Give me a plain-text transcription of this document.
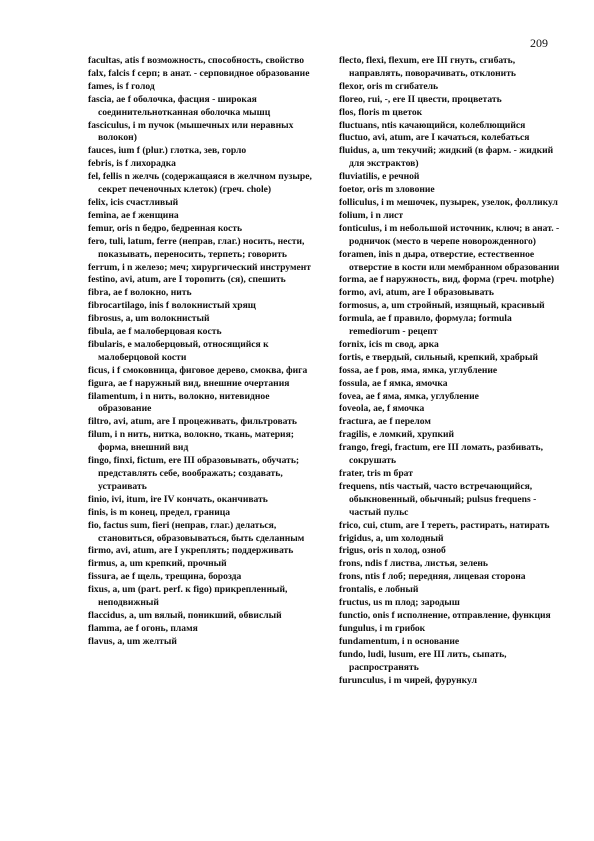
209

facultas, atis f возможность, способность, свойство

falx, falcis f серп; в анат. - серповидное образование

fames, is f голод

fascia, ae f оболочка, фасция - широкая соединительнотканная оболочка мышц

fasciculus, i m пучок (мышечных или неравных волокон)

fauces, ium f (plur.) глотка, зев, горло

febris, is f лихорадка

fel, fellis n желчь (содержащаяся в желчном пузыре, секрет печеночных клеток) (греч. chole)

felix, icis счастливый

femina, ae f женщина

femur, oris n бедро, бедренная кость

fero, tuli, latum, ferre (неправ, глаг.) носить, нести, показывать, переносить, терпеть; говорить

ferrum, i n железо; меч; хирургический инструмент

festino, avi, atum, are I торопить (ся), спешить

fibra, ae f волокно, нить

fibrocartilago, inis f волокнистый хрящ

fibrosus, a, um волокнистый

fibula, ae f малоберцовая кость

fibularis, e малоберцовый, относящийся к малоберцовой кости

ficus, i f смоковница, фиговое дерево, смоква, фига

figura, ae f наружный вид, внешние очертания

filamentum, i n нить, волокно, нитевидное образование

filtro, avi, atum, are I процеживать, фильтровать

filum, i n нить, нитка, волокно, ткань, материя; форма, внешний вид

fingo, finxi, fictum, ere III образовывать, обучать; представлять себе, воображать; создавать, устраивать

finio, ivi, itum, ire IV кончать, оканчивать

finis, is m конец, предел, граница

fio, factus sum, fieri (неправ, глаг.) делаться, становиться, образовываться, быть сделанным

firmo, avi, atum, are I укреплять; поддерживать

firmus, a, um крепкий, прочный

fissura, ae f щель, трещина, борозда

fixus, a, um (part. perf. к figo) прикрепленный, неподвижный

flaccidus, a, um вялый, поникший, обвислый

flamma, ae f огонь, пламя

flavus, a, um желтый

flecto, flexi, flexum, ere III гнуть, сгибать, направлять, поворачивать, отклонить

flexor, oris m сгибатель

floreo, rui, -, ere II цвести, процветать

flos, floris m цветок

fluctuans, ntis качающийся, колеблющийся

fluctuo, avi, atum, are I качаться, колебаться

fluidus, a, um текучий; жидкий (в фарм. - жидкий для экстрактов)

fluviatilis, e речной

foetor, oris m зловоние

folliculus, i m мешочек, пузырек, узелок, фолликул

folium, i n лист

fonticulus, i m небольшой источник, ключ; в анат. - родничок (место в черепе новорожденного)

foramen, inis n дыра, отверстие, естественное отверстие в кости или мембранном образовании

forma, ae f наружность, вид, форма (греч. motphe)

formo, avi, atum, are I образовывать

formosus, a, um стройный, изящный, красивый

formula, ae f правило, формула; formula remediorum - рецепт

fornix, icis m свод, арка

fortis, e твердый, сильный, крепкий, храбрый

fossa, ae f ров, яма, ямка, углубление

fossula, ae f ямка, ямочка

fovea, ae f яма, ямка, углубление

foveola, ae, f ямочка

fractura, ae f перелом

fragilis, e ломкий, хрупкий

frango, fregi, fractum, ere III ломать, разбивать, сокрушать

frater, tris m брат

frequens, ntis частый, часто встречающийся, обыкновенный, обычный; pulsus frequens - частый пульс

frico, cui, ctum, are I тереть, растирать, натирать

frigidus, a, um холодный

frigus, oris n холод, озноб

frons, ndis f листва, листья, зелень

frons, ntis f лоб; передняя, лицевая сторона

frontalis, e лобный

fructus, us m плод; зародыш

functio, onis f исполнение, отправление, функция

fungulus, i m грибок

fundamentum, i n основание

fundo, ludi, lusum, ere III лить, сыпать, распространять

furunculus, i m чирей, фурункул
